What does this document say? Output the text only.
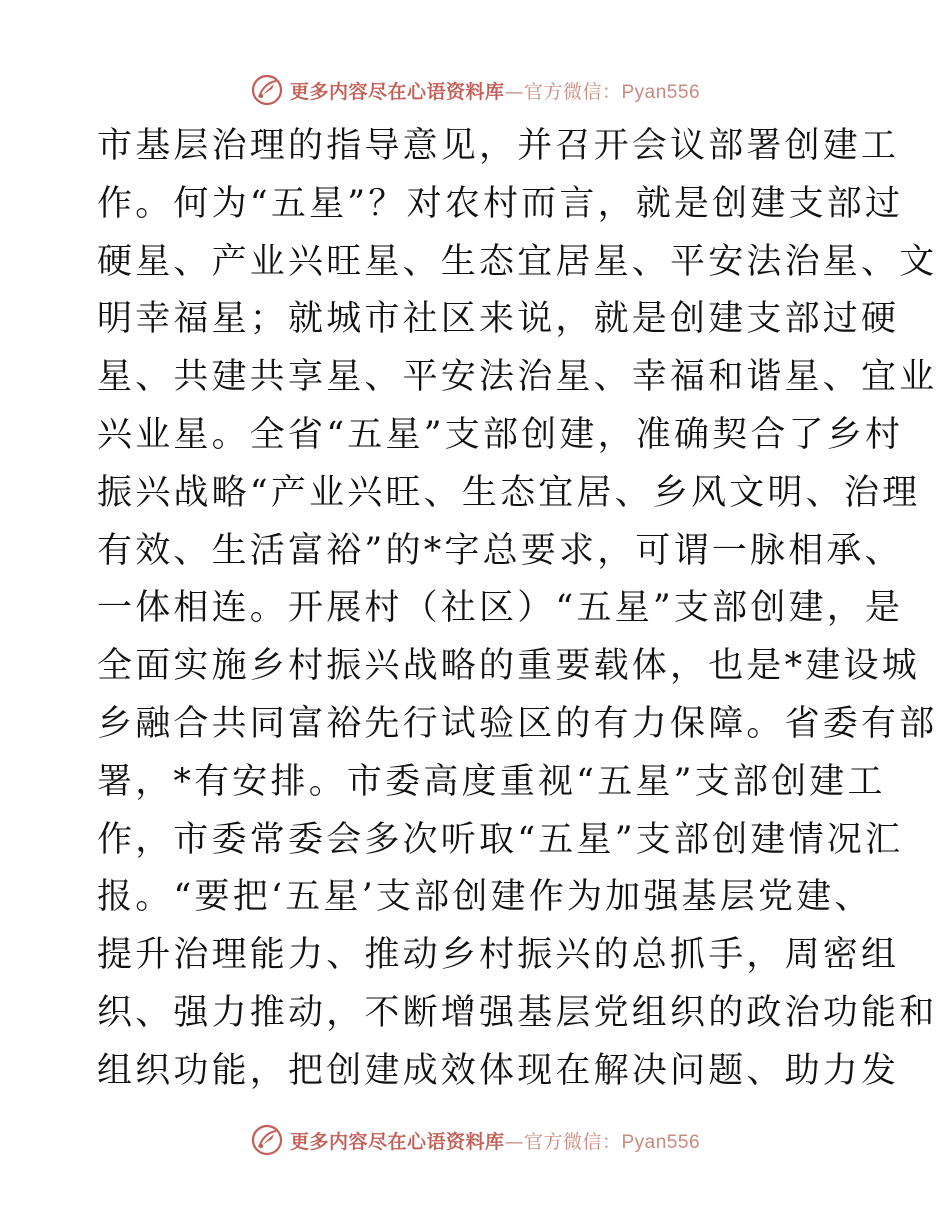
更多内容尽在心语资料库—官方微信：Pyan556
市基层治理的指导意见，并召开会议部署创建工
作。何为“五星”？对农村而言，就是创建支部过
硬星、产业兴旺星、生态宜居星、平安法治星、文
明幸福星；就城市社区来说，就是创建支部过硬
星、共建共享星、平安法治星、幸福和谐星、宜业
兴业星。全省“五星”支部创建，准确契合了乡村
振兴战略“产业兴旺、生态宜居、乡风文明、治理
有效、生活富裕”的*字总要求，可谓一脉相承、
一体相连。开展村（社区）“五星”支部创建，是
全面实施乡村振兴战略的重要载体，也是*建设城
乡融合共同富裕先行试验区的有力保障。省委有部
署，*有安排。市委高度重视“五星”支部创建工
作，市委常委会多次听取“五星”支部创建情况汇
报。“要把‘五星’支部创建作为加强基层党建、
提升治理能力、推动乡村振兴的总抓手，周密组
织、强力推动，不断增强基层党组织的政治功能和
组织功能，把创建成效体现在解决问题、助力发
更多内容尽在心语资料库—官方微信：Pyan556
